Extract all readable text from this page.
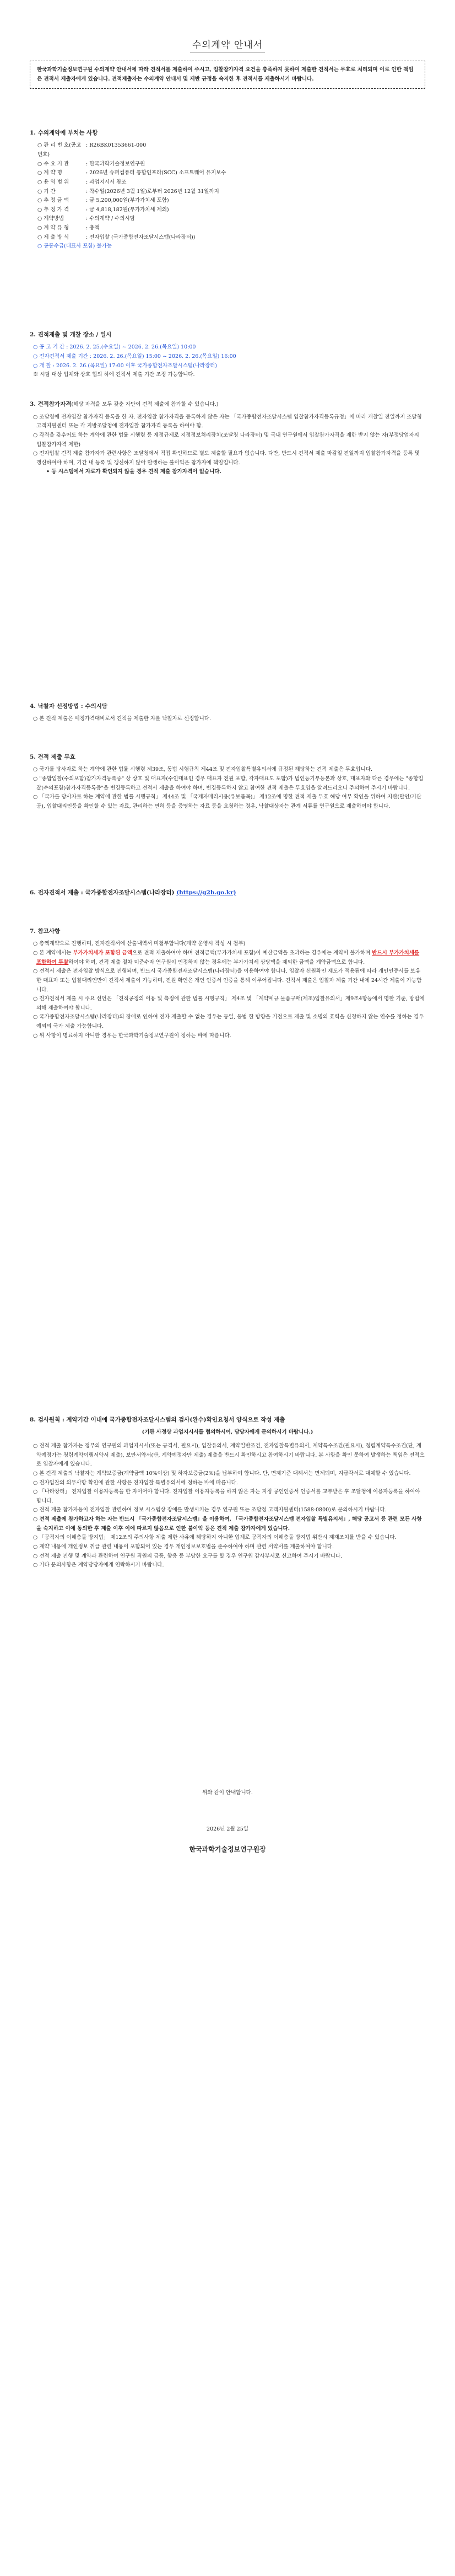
수의계약 안내서
한국과학기술정보연구원 수의계약 안내서에 따라 견적서를 제출하여 주시고, 입찰참가자격 요건을 충족하지 못하여 제출한 견적서는 무효로 처리되며 이로 인한 책임은 견적서 제출자에게 있습니다. 견적제출자는 수의계약 안내서 및 제반 규정을 숙지한 후 견적서를 제출하시기 바랍니다.
1. 수의계약에 부치는 사항
○ 관 리 번 호(공고번호)
: R26BK01353661-000
○ 수 요 기 관	: 한국과학기술정보연구원
○ 계 약 명	: 2026년 슈퍼컴퓨터 통합인프라(SCC) 소프트웨어 유지보수
○ 용 역 범 위	: 과업지시서 참조
○ 기 간	: 착수일(2026년 3월 1일)로부터 2026년 12월 31일까지
○ 추 정 금 액	: 금 5,200,000원(부가가치세 포함)
○ 추 정 가 격	: 금 4,818,182원(부가가치세 제외)
○ 계약방법	: 수의계약 / 수의시담
○ 계 약 유 형	: 총액
○ 제 출 방 식	: 전자입찰 (국가종합전자조달시스템(나라장터))
○ 공동수급(대표사 포함) 불가능
2. 견적제출 및 개찰 장소 / 일시
○ 공 고 기 간 : 2026. 2. 25.(수요일) ~ 2026. 2. 26.(목요일) 10:00
○ 전자견적서 제출 기간 : 2026. 2. 26.(목요일) 15:00 ~ 2026. 2. 26.(목요일) 16:00
○ 개 찰 : 2026. 2. 26.(목요일) 17:00 이후 국가종합전자조달시스템(나라장터)
※ 시담 대상 업체와 상호 협의 하에 견적서 제출 기간 조정 가능합니다.
3. 견적참가자격(해당 자격을 모두 갖춘 자만이 견적 제출에 참가할 수 있습니다.)
○ 조달청에 전자입찰 참가자격 등록을 한 자. 전자입찰 참가자격을 등록하지 않은 자는 「국가종합전자조달시스템 입찰참가자격등록규정」에 따라 개찰일 전일까지 조달청 고객지원센터 또는 각 지방조달청에 전자입찰 참가자격 등록을 하여야 함.
○ 각격을 갖추어도 하는 계약에 관한 법률 시행령 등 제정규제로 지정정보처리장치(조달청 나라장터) 및 국내 연구원에서 입찰참가자격을 제한 받지 않는 자(부정당업자의 입찰참가자격 제한)
○ 전자입찰 견적 제출 참가자가 관련사항은 조달청에서 직접 확인하므로 별도 제출할 필요가 없습니다. 다만, 반드시 견적서 제출 마감일 전일까지 입찰참가자격을 등록 및 갱신하여야 하며, 기간 내 등록 및 갱신하지 않아 발생하는 불이익은 참가자에 책임입니다.
• 등 시스템에서 자료가 확인되지 않을 경우 견적 제출 참가자격이 없습니다.
4. 낙찰자 선정방법 : 수의시담
○ 본 견적 제출은 예정가격대비로서 견적을 제출한 자를 낙찰자로 선정합니다.
5. 견적 제출 무효
○ 국가를 당사자로 하는 계약에 관한 법률 시행령 제39조, 동법 시행규칙 제44조 및 전자입찰특별유의서에 규정된 해당하는 견적 제출은 무효입니다.
○ "종합입찰(수의포함)참가자격등록증" 상 상호 및 대표자(수인대표인 경우 대표자 전원 포함, 각자대표도 포함)가 법인등기부등본과 상호, 대표자와 다른 경우에는 "종합입찰(수의포함)참가자격등록증"을 변경등록하고 견적서 제출을 하여야 하며, 변경등록하지 않고 참여한 견적 제출은 무효임을 알려드리오니 주의하여 주시기 바랍니다.
○ 「국가를 당사자로 하는 계약에 관한 법률 시행규칙」 제44조 및 「국제자매리시용(유보품목)」 제12조에 명한 견적 제출 무효 해당 여부 확인을 위하여 지관(발인/기관공), 입찰대리인등을 확인할 수 있는 자료, 관리하는 면허 등을 증명하는 자료 등을 요청하는 경우, 낙찰대상자는 관계 서류를 연구원으로 제출하여야 합니다.
6. 전자견적서 제출 : 국가종합전자조달시스템(나라장터) (https://g2b.go.kr)
7. 참고사항
○ 총액계약으로 진행하며, 전자견적서에 산출내역서 미첨부합니다(계약 운영시 작성 시 첨부)
○ 본 계약에서는 부가가치세가 포함된 금액으로 견적 제출하여야 하며 견적금액(부가가치세 포함)이 예산금액을 초과하는 경우에는 계약이 불가하며 반드시 부가가치세를 포함하여 투찰하여야 하며, 견적 제출 절차 미준수자 연구원이 인정하지 않는 경우에는 부가가치세 상당액을 제외한 금액을 계약금액으로 합니다.
○ 견적서 제출은 전자입찰 방식으로 진행되며, 반드시 국가종합전자조달시스템(나라장터)을 이용하여야 합니다. 입찰자 신원확인 제도가 적용됨에 따라 개인인증서를 보유한 대표자 또는 입찰대리인만이 견적서 제출이 가능하며, 전원 확인은 개인 인증서 인증을 통해 이루어집니다. 견적서 제출은 입찰자 제출 기간 내에 24시간 제출이 가능합니다.
○ 전자견적서 제출 시 주요 선언은 「견적공정의 이용 및 측정에 관한 법률 시행규칙」 제4조 및 「계약예규 물품구매(제조)입찰유의서」제9조4항등에서 명한 기준, 방법에 의해 제출하여야 합니다.
○ 국가종합전자조달시스템(나라장터)의 장애로 인하여 전자 제출할 수 없는 경우는 동일, 동법 한 방향을 기점으로 제출 및 소명의 효력을 신청하지 않는 연수를 정하는 경우 예외의 국가 제출 가능합니다.
○ 위 사항이 명료하지 아니한 경우는 한국과학기술정보연구원이 정하는 바에 따릅니다.
8. 검사원칙 : 계약기간 이내에 국가종합전자조달시스템의 검사(완수)확인요청서 양식으로 작성 제출
(기관 사정상 과업지시서를 협의하시어, 담당자에게 문의하시기 바랍니다.)
○ 견적 제출 참가자는 정부의 연구원의 과업지시서(또는 규격서, 필요시), 입찰유의서, 계약일반조건, 전자입찰특별유의서, 계약특수조건(필요시), 청렴계약특수조건(단, 계약예정가는 청렴계약이행서약서 제출), 보안서약서(단, 계약예정자만 제출) 제출을 반드시 확인하시고 참여하시기 바랍니다. 본 사항을 확인 못하여 발생하는 책임은 전적으로 입찰자에게 있습니다.
○ 본 견적 제출의 낙찰자는 계약보증금(계약금액 10%이상) 및 하자보증금(2%)을 납부하여 합니다. 단, 면제기준 대해서는 면제되며, 지급각서로 대체할 수 있습니다.
○ 전자입찰의 의무사항 확인에 관한 사항은 전자입찰 특별유의서에 정하는 바에 따릅니다.
○ 「나라장터」 전자입찰 이용자등록을 한 자이어야 합니다. 전자입찰 이용자등록을 하지 않은 자는 지정 공인인증서 인증서를 교부받은 후 조달청에 이용자등록을 하여야 합니다.
○ 견적 제출 참가자등이 전자입찰 관련하여 정보 시스템상 장애를 발생시키는 경우 연구원 또는 조달청 고객지원센터(1588-0800)로 문의하시기 바랍니다.
○ 견적 제출에 참가하고자 하는 자는 반드시 「국가종합전자조달시스템」을 이용하여, 「국가종합전자조달시스템 전자입찰 특별유의서」, 해당 공고서 등 관련 모든 사항을 숙지하고 이에 동의한 후 제출 이후 이에 따르지 않음으로 인한 불이익 등은 견적 제출 참가자에게 있습니다.
○ 「공직자의 이해충돌 방지법」 제12조의 주의사항 제출 제한 사유에 해당하지 아니한 업체로 공직자의 이해충돌 방지법 위반시 제재조치를 받을 수 있습니다.
○ 계약 내용에 개인정보 취급 관련 내용이 포함되어 있는 경우 개인정보보호법을 준수하여야 하며 관련 서약서를 제출하여야 합니다.
○ 견적 제출 진행 및 계약과 관련하여 연구원 직원의 금품, 향응 등 부당한 요구를 할 경우 연구원 감사부서로 신고하여 주시기 바랍니다.
○ 기타 문의사항은 계약담당자에게 연락하시기 바랍니다.
위와 같이 안내합니다.
2026년 2월 25일
한국과학기술정보연구원장
